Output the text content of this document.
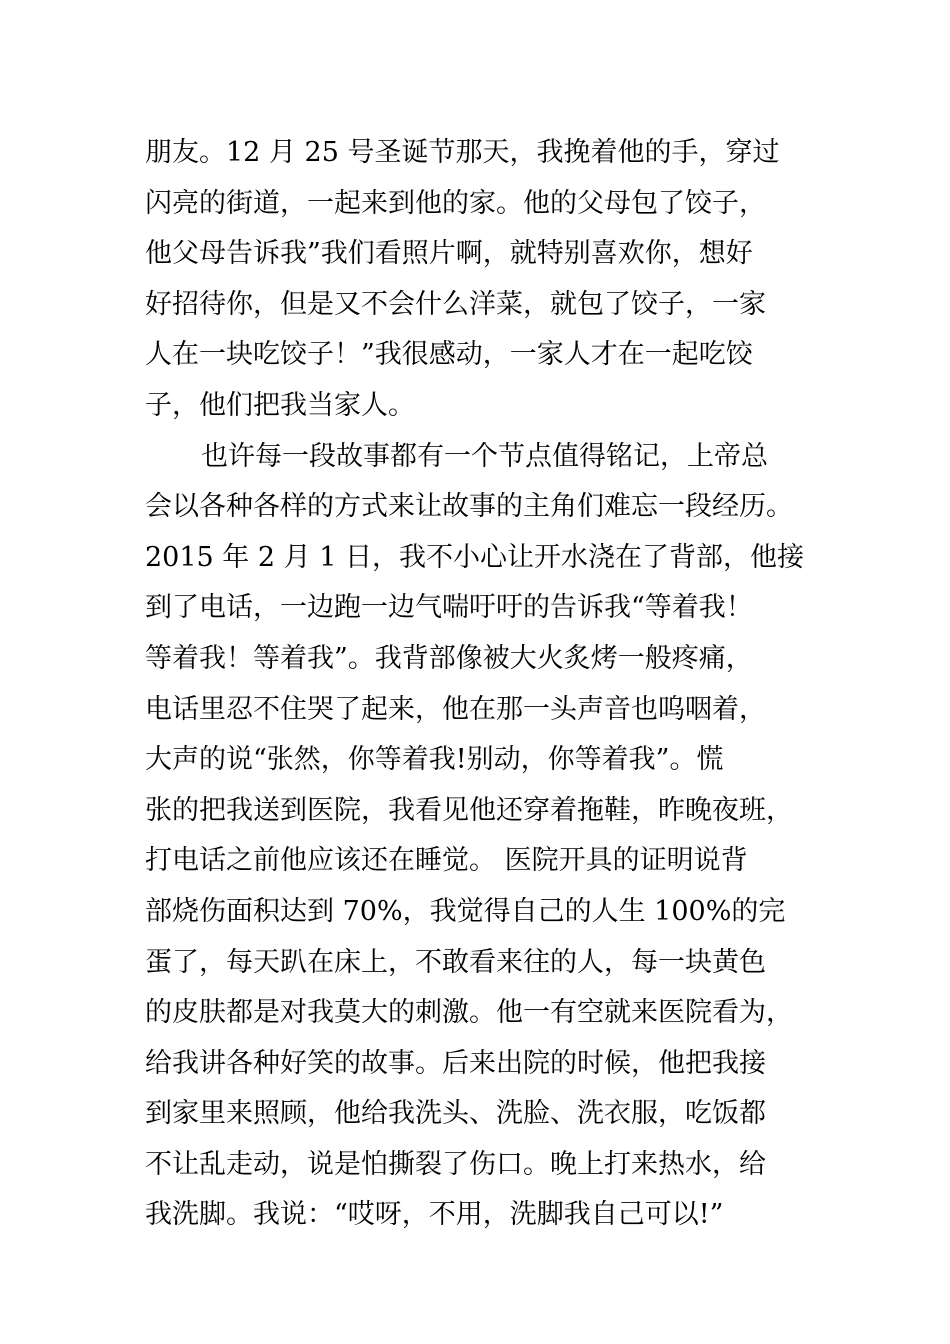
朋友。12 月 25 号圣诞节那天，我挽着他的手，穿过
闪亮的街道，一起来到他的家。他的父母包了饺子，
他父母告诉我”我们看照片啊，就特别喜欢你，想好
好招待你，但是又不会什么洋菜，就包了饺子，一家
人在一块吃饺子！”我很感动，一家人才在一起吃饺
子，他们把我当家人。
也许每一段故事都有一个节点值得铭记，上帝总
会以各种各样的方式来让故事的主角们难忘一段经历。
2015 年 2 月 1 日，我不小心让开水浇在了背部，他接
到了电话，一边跑一边气喘吁吁的告诉我“等着我！
等着我！等着我”。我背部像被大火炙烤一般疼痛，
电话里忍不住哭了起来，他在那一头声音也呜咽着，
大声的说“张然，你等着我!别动，你等着我”。慌
张的把我送到医院，我看见他还穿着拖鞋，昨晚夜班，
打电话之前他应该还在睡觉。 医院开具的证明说背
部烧伤面积达到 70%，我觉得自己的人生 100%的完
蛋了，每天趴在床上，不敢看来往的人，每一块黄色
的皮肤都是对我莫大的刺激。他一有空就来医院看为，
给我讲各种好笑的故事。后来出院的时候，他把我接
到家里来照顾，他给我洗头、洗脸、洗衣服，吃饭都
不让乱走动，说是怕撕裂了伤口。晚上打来热水，给
我洗脚。我说：“哎呀，不用，洗脚我自己可以!”
